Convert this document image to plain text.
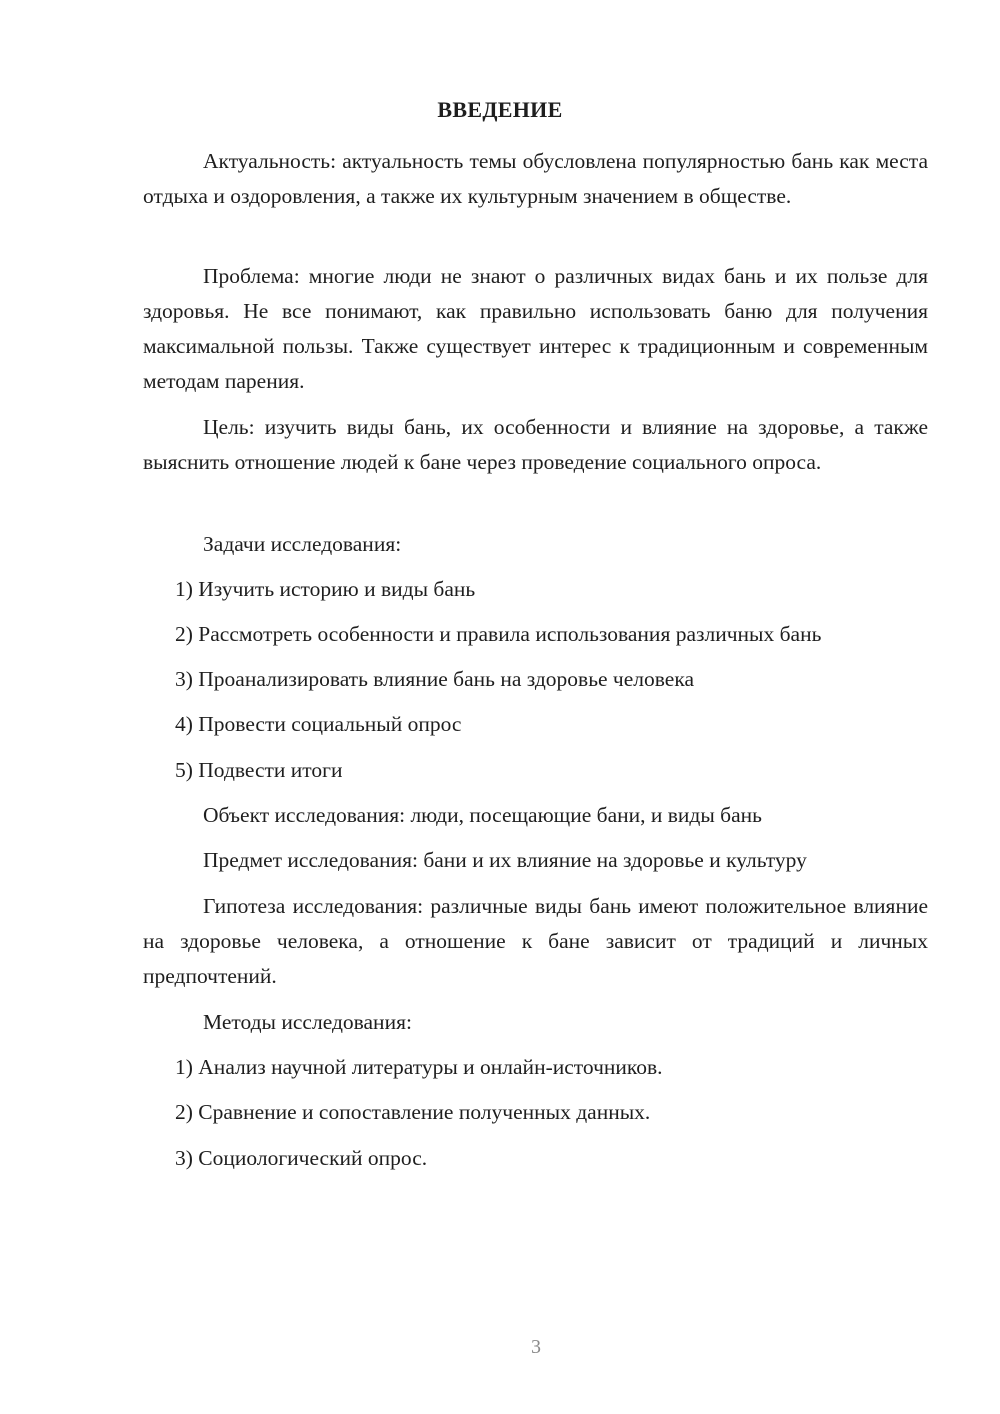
ВВЕДЕНИЕ

Актуальность: актуальность темы обусловлена популярностью бань как места отдыха и оздоровления, а также их культурным значением в обществе.

Проблема: многие люди не знают о различных видах бань и их пользе для здоровья. Не все понимают, как правильно использовать баню для получения максимальной пользы. Также существует интерес к традиционным и современным методам парения.

Цель: изучить виды бань, их особенности и влияние на здоровье, а также выяснить отношение людей к бане через проведение социального опроса.

Задачи исследования:

1) Изучить историю и виды бань

2) Рассмотреть особенности и правила использования различных бань

3) Проанализировать влияние бань на здоровье человека

4) Провести социальный опрос

5) Подвести итоги

Объект исследования: люди, посещающие бани, и виды бань

Предмет исследования: бани и их влияние на здоровье и культуру

Гипотеза исследования: различные виды бань имеют положительное влияние на здоровье человека, а отношение к бане зависит от традиций и личных предпочтений.

Методы исследования:

1) Анализ научной литературы и онлайн-источников.

2) Сравнение и сопоставление полученных данных.

3) Социологический опрос.

3
